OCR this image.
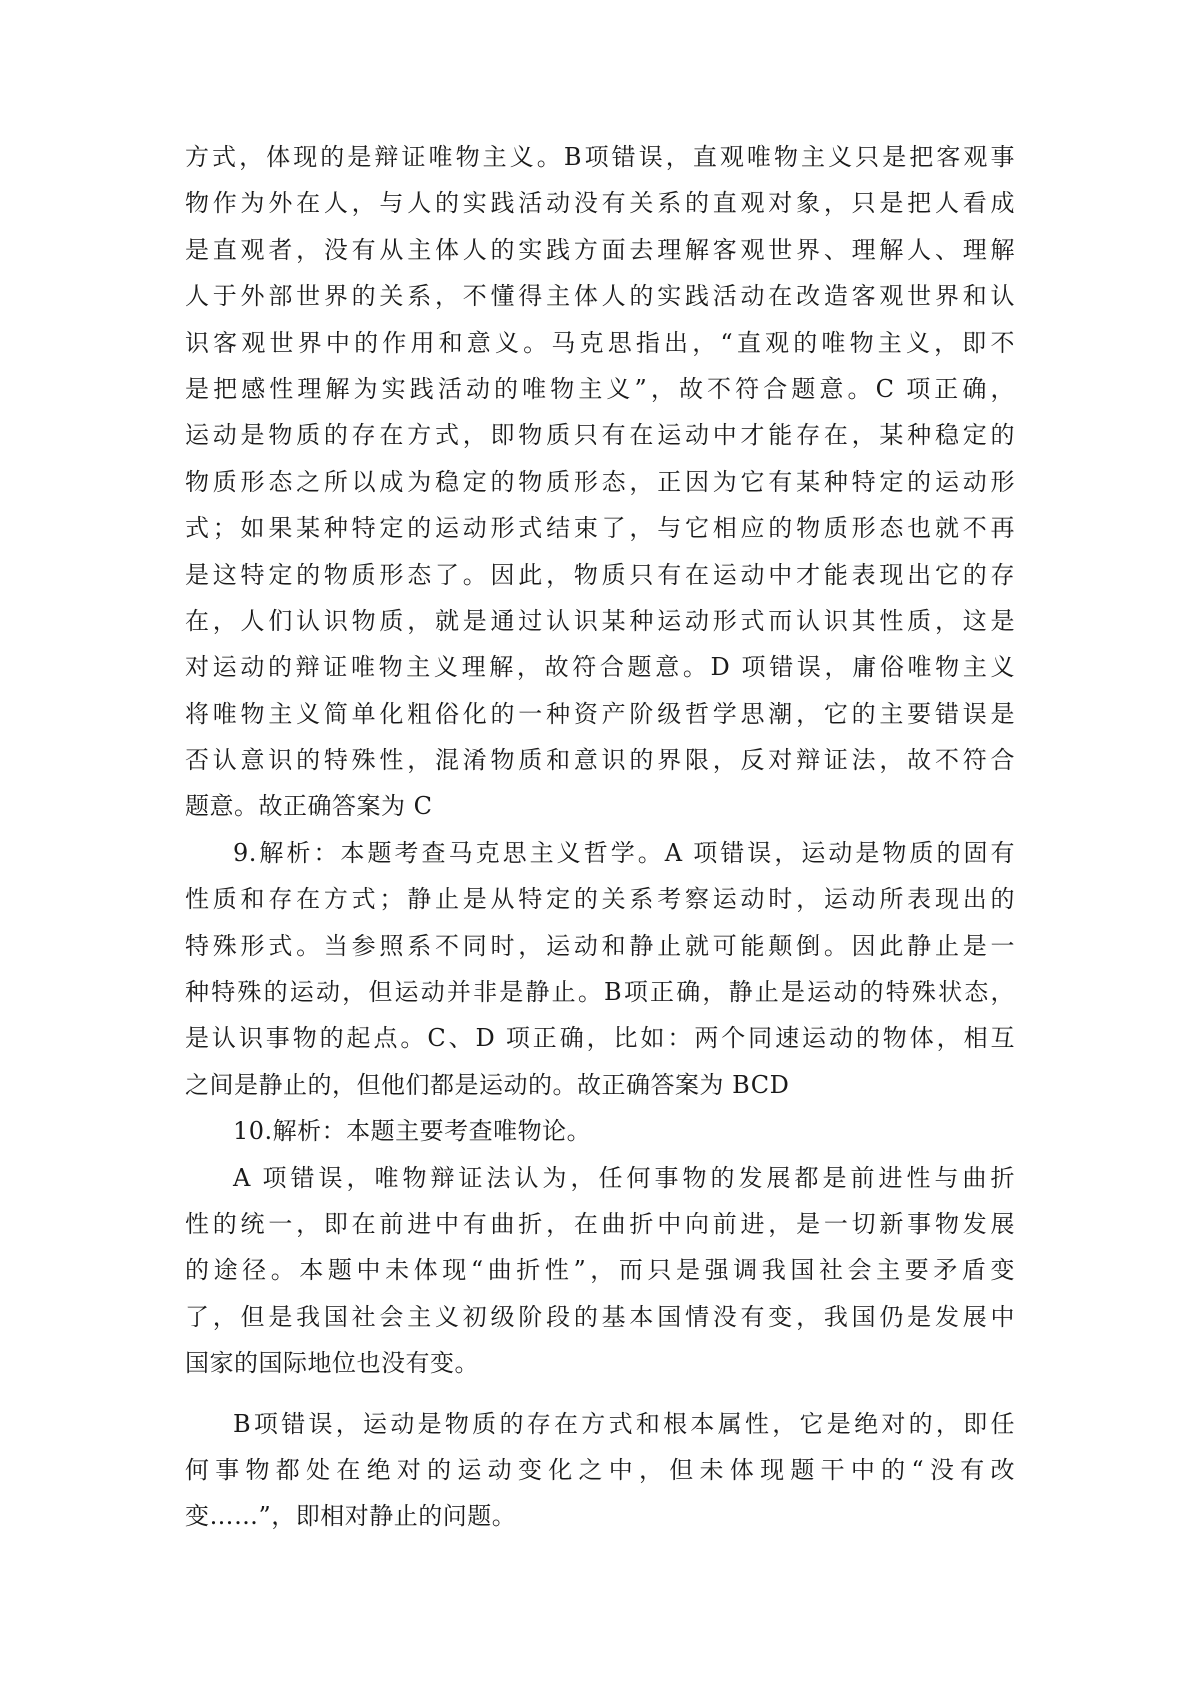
方式，体现的是辩证唯物主义。B项错误，直观唯物主义只是把客观事
物作为外在人，与人的实践活动没有关系的直观对象，只是把人看成
是直观者，没有从主体人的实践方面去理解客观世界、理解人、理解
人于外部世界的关系，不懂得主体人的实践活动在改造客观世界和认
识客观世界中的作用和意义。马克思指出，“直观的唯物主义，即不
是把感性理解为实践活动的唯物主义”，故不符合题意。C 项正确，
运动是物质的存在方式，即物质只有在运动中才能存在，某种稳定的
物质形态之所以成为稳定的物质形态，正因为它有某种特定的运动形
式；如果某种特定的运动形式结束了，与它相应的物质形态也就不再
是这特定的物质形态了。因此，物质只有在运动中才能表现出它的存
在，人们认识物质，就是通过认识某种运动形式而认识其性质，这是
对运动的辩证唯物主义理解，故符合题意。D 项错误，庸俗唯物主义
将唯物主义简单化粗俗化的一种资产阶级哲学思潮，它的主要错误是
否认意识的特殊性，混淆物质和意识的界限，反对辩证法，故不符合
题意。故正确答案为 C
9.解析：本题考查马克思主义哲学。A 项错误，运动是物质的固有
性质和存在方式；静止是从特定的关系考察运动时，运动所表现出的
特殊形式。当参照系不同时，运动和静止就可能颠倒。因此静止是一
种特殊的运动，但运动并非是静止。B项正确，静止是运动的特殊状态，
是认识事物的起点。C、D 项正确，比如：两个同速运动的物体，相互
之间是静止的，但他们都是运动的。故正确答案为 BCD
10.解析：本题主要考查唯物论。
A 项错误，唯物辩证法认为，任何事物的发展都是前进性与曲折
性的统一，即在前进中有曲折，在曲折中向前进，是一切新事物发展
的途径。本题中未体现“曲折性”，而只是强调我国社会主要矛盾变
了，但是我国社会主义初级阶段的基本国情没有变，我国仍是发展中
国家的国际地位也没有变。
B项错误，运动是物质的存在方式和根本属性，它是绝对的，即任
何事物都处在绝对的运动变化之中，但未体现题干中的“没有改
变……”，即相对静止的问题。
